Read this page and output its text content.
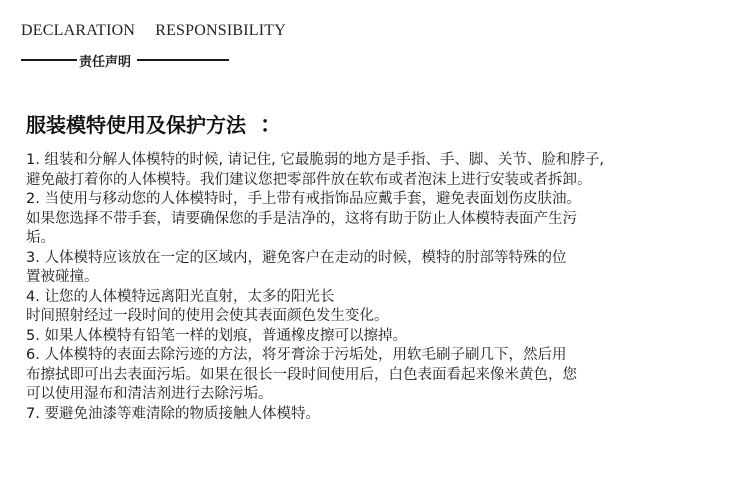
DECLARATION RESPONSIBILITY
责任声明
服装模特使用及保护方法 ：
1. 组装和分解人体模特的时候, 请记住, 它最脆弱的地方是手指、手、脚、关节、脸和脖子,
避免敲打着你的人体模特。我们建议您把零部件放在软布或者泡沫上进行安装或者拆卸。
2. 当使用与移动您的人体模特时，手上带有戒指饰品应戴手套，避免表面划伤皮肤油。
如果您选择不带手套，请要确保您的手是洁净的，这将有助于防止人体模特表面产生污
垢。
3. 人体模特应该放在一定的区域内，避免客户在走动的时候，模特的肘部等特殊的位
置被碰撞。
4. 让您的人体模特远离阳光直射，太多的阳光长
时间照射经过一段时间的使用会使其表面颜色发生变化。
5. 如果人体模特有铅笔一样的划痕，普通橡皮擦可以擦掉。
6. 人体模特的表面去除污迹的方法，将牙膏涂于污垢处，用软毛刷子刷几下，然后用
布擦拭即可出去表面污垢。如果在很长一段时间使用后，白色表面看起来像米黄色，您
可以使用湿布和清洁剂进行去除污垢。
7. 要避免油漆等难清除的物质接触人体模特。
